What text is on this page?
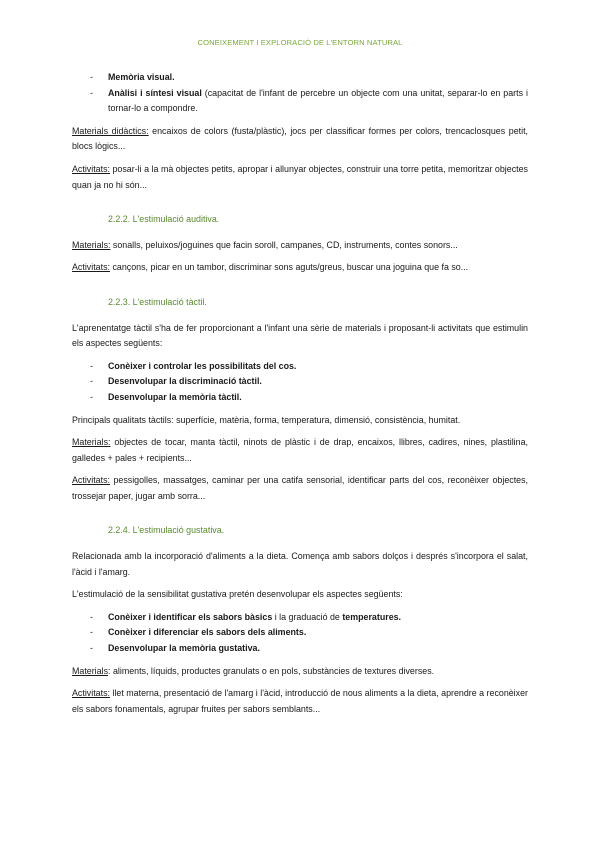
CONEIXEMENT I EXPLORACIÓ DE L'ENTORN NATURAL
- Memòria visual.
- Anàlisi i síntesi visual (capacitat de l'infant de percebre un objecte com una unitat, separar-lo en parts i tornar-lo a compondre.

Materials didàctics: encaixos de colors (fusta/plàstic), jocs per classificar formes per colors, trencaclosques petit, blocs lògics...

Activitats: posar-li a la mà objectes petits, apropar i allunyar objectes, construir una torre petita, memoritzar objectes quan ja no hi són...

2.2.2. L'estimulació auditiva.

Materials: sonalls, peluixos/joguines que facin soroll, campanes, CD, instruments, contes sonors...

Activitats: cançons, picar en un tambor, discriminar sons aguts/greus, buscar una joguina que fa so...

2.2.3. L'estimulació tàctil.

L'aprenentatge tàctil s'ha de fer proporcionant a l'infant una sèrie de materials i proposant-li activitats que estimulin els aspectes següents:

- Conèixer i controlar les possibilitats del cos.
- Desenvolupar la discriminació tàctil.
- Desenvolupar la memòria tàctil.

Principals qualitats tàctils: superfície, matèria, forma, temperatura, dimensió, consistència, humitat.

Materials: objectes de tocar, manta tàctil, ninots de plàstic i de drap, encaixos, llibres, cadires, nines, plastilina, galledes + pales + recipients...

Activitats: pessigolles, massatges, caminar per una catifa sensorial, identificar parts del cos, reconèixer objectes, trossejar paper, jugar amb sorra...

2.2.4. L'estimulació gustativa.

Relacionada amb la incorporació d'aliments a la dieta. Comença amb sabors dolços i després s'incorpora el salat, l'àcid i l'amarg.

L'estimulació de la sensibilitat gustativa pretén desenvolupar els aspectes següents:

- Conèixer i identificar els sabors bàsics i la graduació de temperatures.
- Conèixer i diferenciar els sabors dels aliments.
- Desenvolupar la memòria gustativa.

Materials: aliments, líquids, productes granulats o en pols, substàncies de textures diverses.

Activitats: llet materna, presentació de l'amarg i l'àcid, introducció de nous aliments a la dieta, aprendre a reconèixer els sabors fonamentals, agrupar fruites per sabors semblants...
